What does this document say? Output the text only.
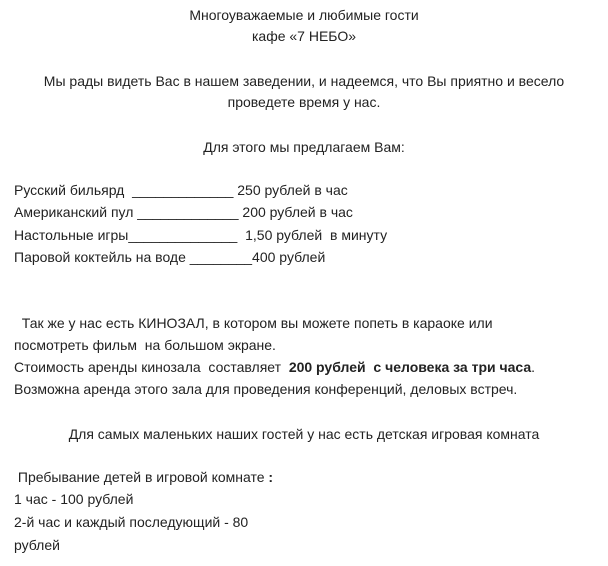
Многоуважаемые и любимые гости
кафе «7 НЕБО»
Мы рады видеть Вас в нашем заведении, и надеемся, что Вы приятно и весело
проведете время у нас.
Для этого мы предлагаем Вам:
Русский бильярд  _____________ 250 рублей в час
Американский пул _____________ 200 рублей в час
Настольные игры______________  1,50 рублей  в минуту
Паровой коктейль на воде ________400 рублей
Так же у нас есть КИНОЗАЛ, в котором вы можете попеть в караоке или
посмотреть фильм  на большом экране.
Стоимость аренды кинозала  составляет  200 рублей  с человека за три часа.
Возможна аренда этого зала для проведения конференций, деловых встреч.
Для самых маленьких наших гостей у нас есть детская игровая комната
Пребывание детей в игровой комнате :
1 час - 100 рублей
2-й час и каждый последующий - 80
рублей
